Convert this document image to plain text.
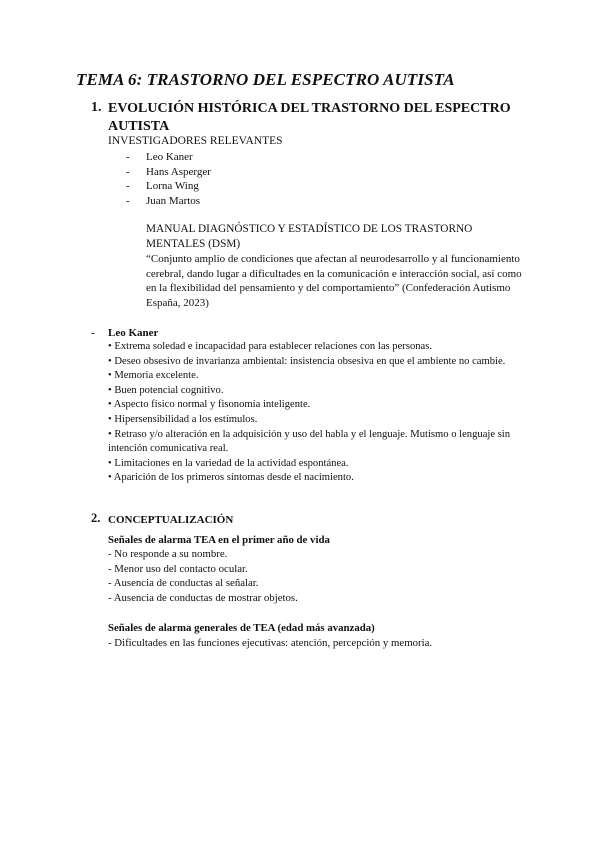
TEMA 6: TRASTORNO DEL ESPECTRO AUTISTA
1. EVOLUCIÓN HISTÓRICA DEL TRASTORNO DEL ESPECTRO AUTISTA
INVESTIGADORES RELEVANTES
-	Leo Kaner
-	Hans Asperger
-	Lorna Wing
-	Juan Martos
MANUAL DIAGNÓSTICO Y ESTADÍSTICO DE LOS TRASTORNO MENTALES (DSM)
“Conjunto amplio de condiciones que afectan al neurodesarrollo y al funcionamiento cerebral, dando lugar a dificultades en la comunicación e interacción social, así como en la flexibilidad del pensamiento y del comportamiento” (Confederación Autismo España, 2023)
- Leo Kaner
• Extrema soledad e incapacidad para establecer relaciones con las personas.
• Deseo obsesivo de invarianza ambiental: insistencia obsesiva en que el ambiente no cambie.
• Memoria excelente.
• Buen potencial cognitivo.
• Aspecto físico normal y fisonomía inteligente.
• Hipersensibilidad a los estímulos.
• Retraso y/o alteración en la adquisición y uso del habla y el lenguaje. Mutismo o lenguaje sin intención comunicativa real.
• Limitaciones en la variedad de la actividad espontánea.
• Aparición de los primeros síntomas desde el nacimiento.
2. CONCEPTUALIZACIÓN
Señales de alarma TEA en el primer año de vida
- No responde a su nombre.
- Menor uso del contacto ocular.
- Ausencia de conductas al señalar.
- Ausencia de conductas de mostrar objetos.
Señales de alarma generales de TEA (edad más avanzada)
- Dificultades en las funciones ejecutivas: atención, percepción y memoria.
